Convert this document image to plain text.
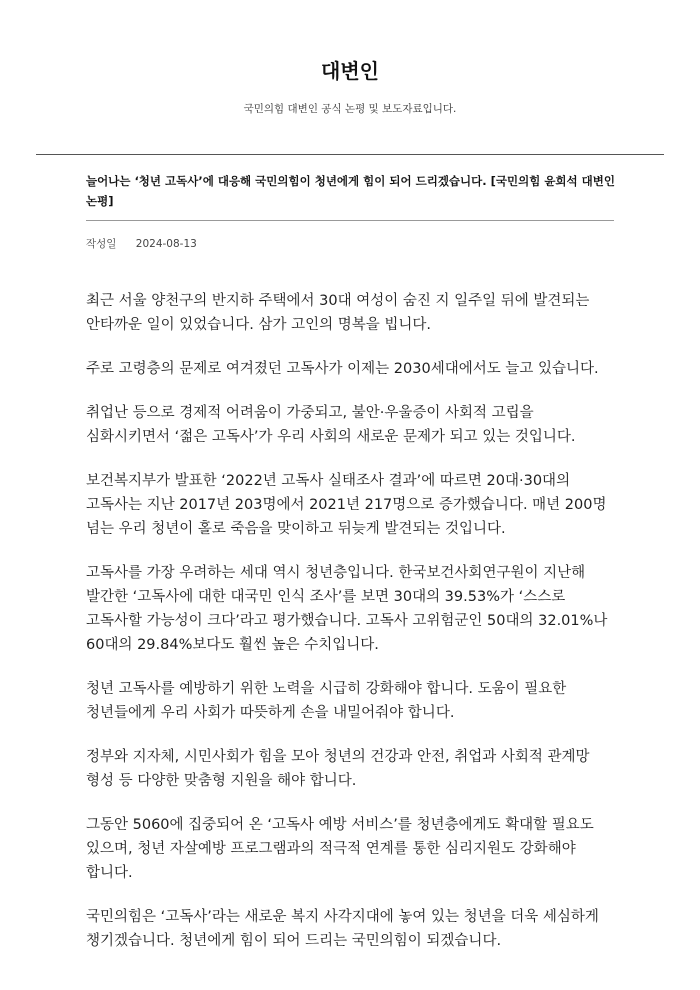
대변인
국민의힘 대변인 공식 논평 및 보도자료입니다.
늘어나는 ‘청년 고독사’에 대응해 국민의힘이 청년에게 힘이 되어 드리겠습니다. [국민의힘 윤희석 대변인 논평]
작성일 2024-08-13

최근 서울 양천구의 반지하 주택에서 30대 여성이 숨진 지 일주일 뒤에 발견되는 안타까운 일이 있었습니다. 삼가 고인의 명복을 빕니다.

주로 고령층의 문제로 여겨졌던 고독사가 이제는 2030세대에서도 늘고 있습니다.

취업난 등으로 경제적 어려움이 가중되고, 불안·우울증이 사회적 고립을 심화시키면서 ‘젊은 고독사’가 우리 사회의 새로운 문제가 되고 있는 것입니다.

보건복지부가 발표한 ‘2022년 고독사 실태조사 결과’에 따르면 20대·30대의 고독사는 지난 2017년 203명에서 2021년 217명으로 증가했습니다. 매년 200명 넘는 우리 청년이 홀로 죽음을 맞이하고 뒤늦게 발견되는 것입니다.

고독사를 가장 우려하는 세대 역시 청년층입니다. 한국보건사회연구원이 지난해 발간한 ‘고독사에 대한 대국민 인식 조사’를 보면 30대의 39.53%가 ‘스스로 고독사할 가능성이 크다’라고 평가했습니다. 고독사 고위험군인 50대의 32.01%나 60대의 29.84%보다도 훨씬 높은 수치입니다.

청년 고독사를 예방하기 위한 노력을 시급히 강화해야 합니다. 도움이 필요한 청년들에게 우리 사회가 따뜻하게 손을 내밀어줘야 합니다.

정부와 지자체, 시민사회가 힘을 모아 청년의 건강과 안전, 취업과 사회적 관계망 형성 등 다양한 맞춤형 지원을 해야 합니다.

그동안 5060에 집중되어 온 ‘고독사 예방 서비스’를 청년층에게도 확대할 필요도 있으며, 청년 자살예방 프로그램과의 적극적 연계를 통한 심리지원도 강화해야 합니다.

국민의힘은 ‘고독사’라는 새로운 복지 사각지대에 놓여 있는 청년을 더욱 세심하게 챙기겠습니다. 청년에게 힘이 되어 드리는 국민의힘이 되겠습니다.
